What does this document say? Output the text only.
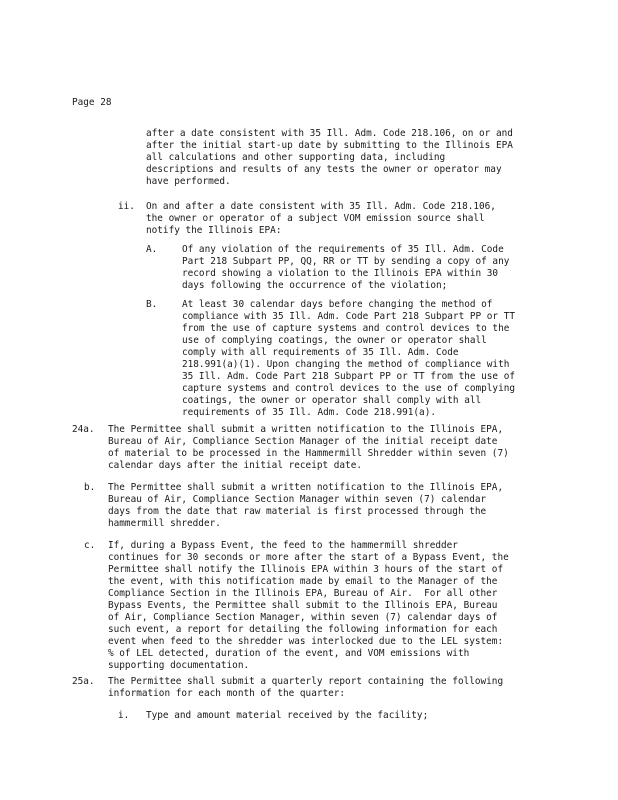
Page 28
after a date consistent with 35 Ill. Adm. Code 218.106, on or and
after the initial start-up date by submitting to the Illinois EPA
all calculations and other supporting data, including
descriptions and results of any tests the owner or operator may
have performed.
ii. On and after a date consistent with 35 Ill. Adm. Code 218.106,
the owner or operator of a subject VOM emission source shall
notify the Illinois EPA:
A.	Of any violation of the requirements of 35 Ill. Adm. Code
Part 218 Subpart PP, QQ, RR or TT by sending a copy of any
record showing a violation to the Illinois EPA within 30
days following the occurrence of the violation;
B.	At least 30 calendar days before changing the method of
compliance with 35 Ill. Adm. Code Part 218 Subpart PP or TT
from the use of capture systems and control devices to the
use of complying coatings, the owner or operator shall
comply with all requirements of 35 Ill. Adm. Code
218.991(a)(1). Upon changing the method of compliance with
35 Ill. Adm. Code Part 218 Subpart PP or TT from the use of
capture systems and control devices to the use of complying
coatings, the owner or operator shall comply with all
requirements of 35 Ill. Adm. Code 218.991(a).
24a. The Permittee shall submit a written notification to the Illinois EPA,
Bureau of Air, Compliance Section Manager of the initial receipt date
of material to be processed in the Hammermill Shredder within seven (7)
calendar days after the initial receipt date.
b. The Permittee shall submit a written notification to the Illinois EPA,
Bureau of Air, Compliance Section Manager within seven (7) calendar
days from the date that raw material is first processed through the
hammermill shredder.
c. If, during a Bypass Event, the feed to the hammermill shredder
continues for 30 seconds or more after the start of a Bypass Event, the
Permittee shall notify the Illinois EPA within 3 hours of the start of
the event, with this notification made by email to the Manager of the
Compliance Section in the Illinois EPA, Bureau of Air.  For all other
Bypass Events, the Permittee shall submit to the Illinois EPA, Bureau
of Air, Compliance Section Manager, within seven (7) calendar days of
such event, a report for detailing the following information for each
event when feed to the shredder was interlocked due to the LEL system:
% of LEL detected, duration of the event, and VOM emissions with
supporting documentation.
25a. The Permittee shall submit a quarterly report containing the following
information for each month of the quarter:
i. Type and amount material received by the facility;
